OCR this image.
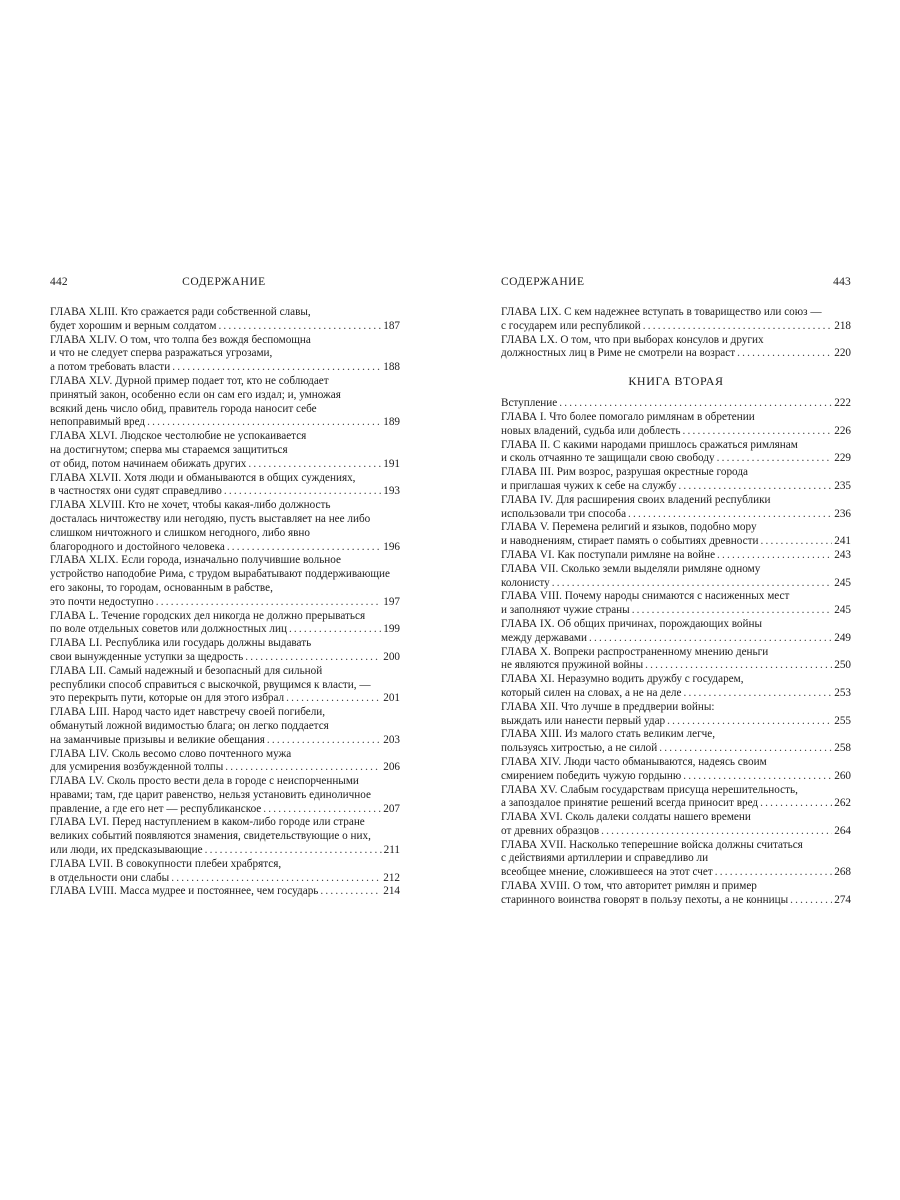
442	СОДЕРЖАНИЕ
ГЛАВА XLIII. Кто сражается ради собственной славы,
будет хорошим и верным солдатом .....	187
ГЛАВА XLIV. О том, что толпа без вождя беспомощна
и что не следует сперва разражаться угрозами,
а потом требовать власти .....	188
ГЛАВА XLV. Дурной пример подает тот, кто не соблюдает
принятый закон, особенно если он сам его издал; и, умножая
всякий день число обид, правитель города наносит себе
непоправимый вред .....	189
ГЛАВА XLVI. Людское честолюбие не успокаивается
на достигнутом; сперва мы стараемся защититься
от обид, потом начинаем обижать других .....	191
ГЛАВА XLVII. Хотя люди и обманываются в общих суждениях,
в частностях они судят справедливо .....	193
ГЛАВА XLVIII. Кто не хочет, чтобы какая-либо должность
досталась ничтожеству или негодяю, пусть выставляет на нее либо
слишком ничтожного и слишком негодного, либо явно
благородного и достойного человека .....	196
ГЛАВА XLIX. Если города, изначально получившие вольное
устройство наподобие Рима, с трудом вырабатывают поддерживающие
его законы, то городам, основанным в рабстве,
это почти недоступно .....	197
ГЛАВА L. Течение городских дел никогда не должно прерываться
по воле отдельных советов или должностных лиц .....	199
ГЛАВА LI. Республика или государь должны выдавать
свои вынужденные уступки за щедрость .....	200
ГЛАВА LII. Самый надежный и безопасный для сильной
республики способ справиться с выскочкой, рвущимся к власти, —
это перекрыть пути, которые он для этого избрал .....	201
ГЛАВА LIII. Народ часто идет навстречу своей погибели,
обманутый ложной видимостью блага; он легко поддается
на заманчивые призывы и великие обещания .....	203
ГЛАВА LIV. Сколь весомо слово почтенного мужа
для усмирения возбужденной толпы .....	206
ГЛАВА LV. Сколь просто вести дела в городе с неиспорченными
нравами; там, где царит равенство, нельзя установить единоличное
правление, а где его нет — республиканское .....	207
ГЛАВА LVI. Перед наступлением в каком-либо городе или стране
великих событий появляются знамения, свидетельствующие о них,
или люди, их предсказывающие .....	211
ГЛАВА LVII. В совокупности плебеи храбрятся,
в отдельности они слабы .....	212
ГЛАВА LVIII. Масса мудрее и постояннее, чем государь .....	214
СОДЕРЖАНИЕ	443
ГЛАВА LIX. С кем надежнее вступать в товарищество или союз —
с государем или республикой .....	218
ГЛАВА LX. О том, что при выборах консулов и других
должностных лиц в Риме не смотрели на возраст .....	220
КНИГА ВТОРАЯ
Вступление .....	222
ГЛАВА I. Что более помогало римлянам в обретении
новых владений, судьба или доблесть .....	226
ГЛАВА II. С какими народами пришлось сражаться римлянам
и сколь отчаянно те защищали свою свободу .....	229
ГЛАВА III. Рим возрос, разрушая окрестные города
и приглашая чужих к себе на службу .....	235
ГЛАВА IV. Для расширения своих владений республики
использовали три способа .....	236
ГЛАВА V. Перемена религий и языков, подобно мору
и наводнениям, стирает память о событиях древности .....	241
ГЛАВА VI. Как поступали римляне на войне .....	243
ГЛАВА VII. Сколько земли выделяли римляне одному
колонисту .....	245
ГЛАВА VIII. Почему народы снимаются с насиженных мест
и заполняют чужие страны .....	245
ГЛАВА IX. Об общих причинах, порождающих войны
между державами .....	249
ГЛАВА X. Вопреки распространенному мнению деньги
не являются пружиной войны .....	250
ГЛАВА XI. Неразумно водить дружбу с государем,
который силен на словах, а не на деле .....	253
ГЛАВА XII. Что лучше в преддверии войны:
выждать или нанести первый удар .....	255
ГЛАВА XIII. Из малого стать великим легче,
пользуясь хитростью, а не силой .....	258
ГЛАВА XIV. Люди часто обманываются, надеясь своим
смирением победить чужую гордыню .....	260
ГЛАВА XV. Слабым государствам присуща нерешительность,
а запоздалое принятие решений всегда приносит вред .....	262
ГЛАВА XVI. Сколь далеки солдаты нашего времени
от древних образцов .....	264
ГЛАВА XVII. Насколько теперешние войска должны считаться
с действиями артиллерии и справедливо ли
всеобщее мнение, сложившееся на этот счет .....	268
ГЛАВА XVIII. О том, что авторитет римлян и пример
старинного воинства говорят в пользу пехоты, а не конницы .....	274
